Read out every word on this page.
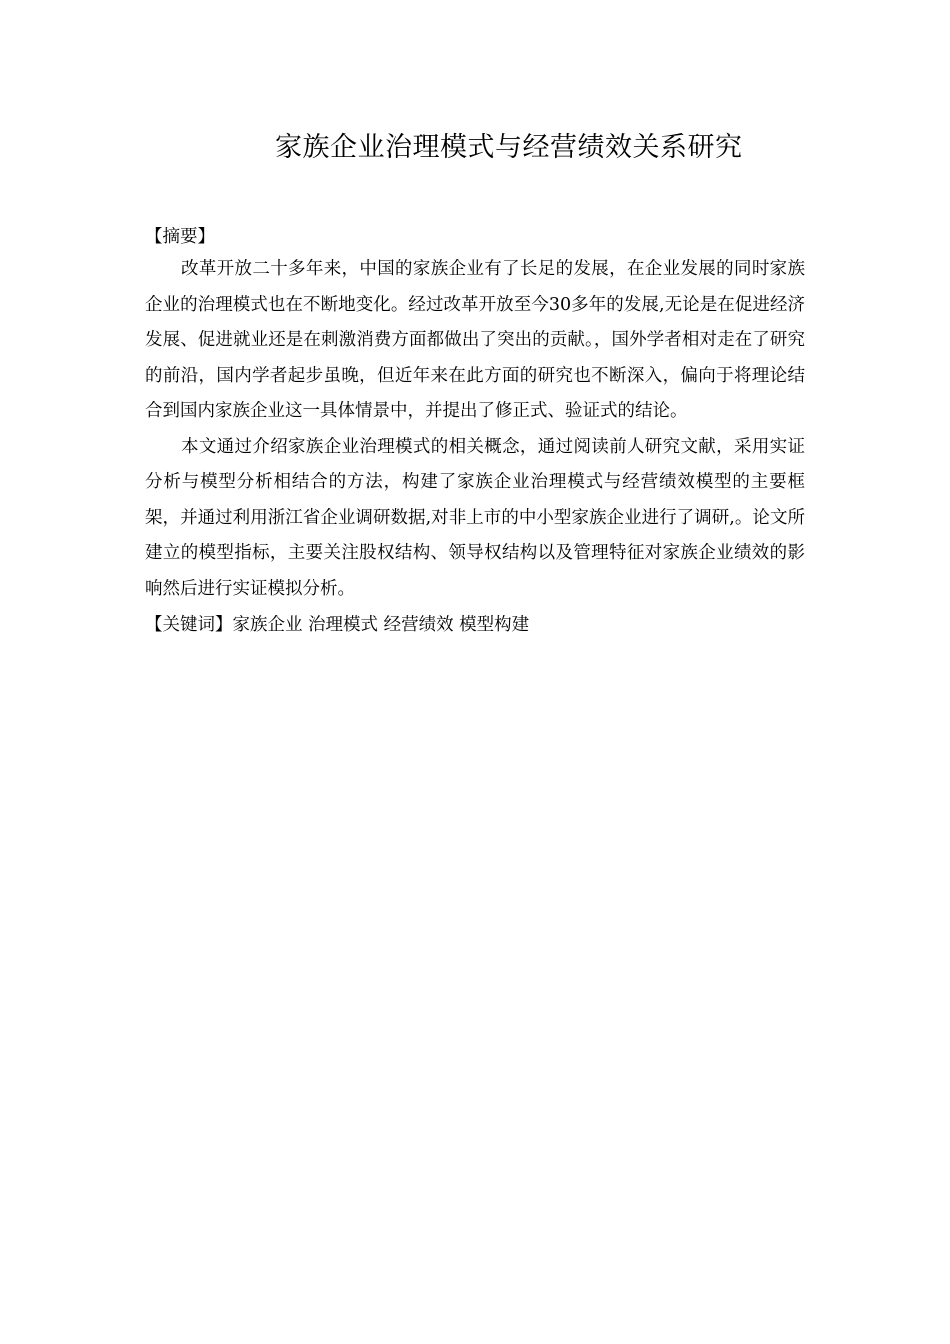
家族企业治理模式与经营绩效关系研究
【摘要】

改革开放二十多年来，中国的家族企业有了长足的发展，在企业发展的同时家族企业的治理模式也在不断地变化。经过改革开放至今30多年的发展,无论是在促进经济发展、促进就业还是在刺激消费方面都做出了突出的贡献。，国外学者相对走在了研究的前沿，国内学者起步虽晚，但近年来在此方面的研究也不断深入，偏向于将理论结合到国内家族企业这一具体情景中，并提出了修正式、验证式的结论。

本文通过介绍家族企业治理模式的相关概念，通过阅读前人研究文献，采用实证分析与模型分析相结合的方法，构建了家族企业治理模式与经营绩效模型的主要框架，并通过利用浙江省企业调研数据,对非上市的中小型家族企业进行了调研,。论文所建立的模型指标，主要关注股权结构、领导权结构以及管理特征对家族企业绩效的影响然后进行实证模拟分析。

【关键词】家族企业 治理模式 经营绩效 模型构建
